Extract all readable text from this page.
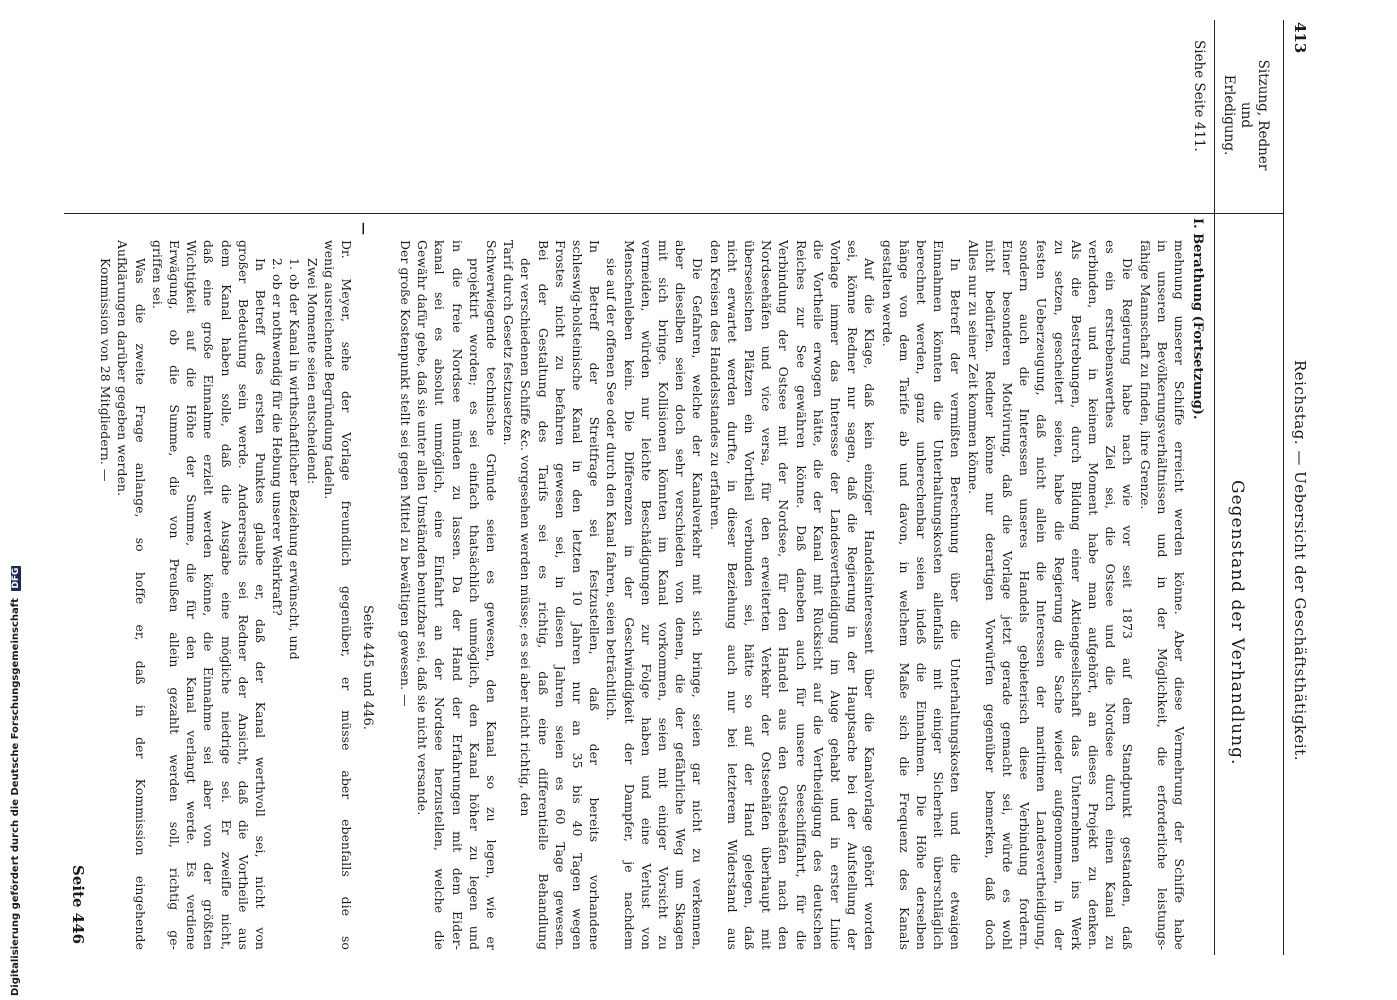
413
Reichstag. — Uebersicht der Geschäftsthätigkeit.
Sitzung, Redner
und
Erledigung.
Gegenstand der Verhandlung.
Siehe Seite 411.
I. Berathung (Fortsetzung).
mehnung unserer Schiffe erreicht werden könne. Aber diese Vermehrung der Schiffe habe
in unseren Bevölkerungsverhältnissen und in der Möglichkeit, die erforderliche leistungs-
fähige Mannschaft zu finden, ihre Grenze.
Die Regierung habe nach wie vor seit 1873 auf dem Standpunkt gestanden, daß
es ein erstrebenswerthes Ziel sei, die Ostsee und die Nordsee durch einen Kanal zu
verbinden, und in keinem Moment habe man aufgehört, an dieses Projekt zu denken.
Als die Bestrebungen, durch Bildung einer Aktiengesellschaft das Unternehmen ins Werk
zu setzen, gescheitert seien, habe die Regierung die Sache wieder aufgenommen, in der
festen Ueberzeugung, daß nicht allein die Interessen der maritimen Landesvertheidigung,
sondern auch die Interessen unseres Handels gebieterisch diese Verbindung fordern.
Einer besonderen Motivirung, daß die Vorlage jetzt gerade gemacht sei, würde es wohl
nicht bedürfen. Redner könne nur derartigen Vorwürfen gegenüber bemerken, daß doch
Alles nur zu seiner Zeit kommen könne.
In Betreff der vermißten Berechnung über die Unterhaltungskosten und die etwaigen
Einnahmen könnten die Unterhaltungskosten allenfalls mit einiger Sicherheit überschläglich
berechnet werden, ganz unberechenbar seien indeß die Einnahmen. Die Höhe derselben
hänge von dem Tarife ab und davon, in welchem Maße sich die Frequenz des Kanals
gestalten werde.
Auf die Klage, daß kein einziger Handelsinteressent über die Kanalvorlage gehört worden
sei, könne Redner nur sagen, daß die Regierung in der Hauptsache bei der Aufstellung der
Vorlage immer das Interesse der Landesvertheidigung im Auge gehabt und in erster Linie
die Vortheile erwogen hätte, die der Kanal mit Rücksicht auf die Vertheidigung des deutschen
Reiches zur See gewähren könne. Daß daneben auch für unsere Seeschifffahrt, für die
Verbindung der Ostsee mit der Nordsee, für den Handel aus den Ostseehäfen nach den
Nordseehäfen und vice versa, für den erweiterten Verkehr der Ostseehäfen überhaupt mit
überseeischen Plätzen ein Vortheil verbunden sei, hätte so auf der Hand gelegen, daß
nicht erwartet werden durfte, in dieser Beziehung auch nur bei letzterem Widerstand aus
den Kreisen des Handelsstandes zu erfahren.
Die Gefahren, welche der Kanalverkehr mit sich bringe, seien gar nicht zu verkennen,
aber dieselben seien doch sehr verschieden von denen, die der gefährliche Weg um Skagen
mit sich bringe. Kollisionen könnten im Kanal vorkommen, seien mit einiger Vorsicht zu
vermeiden, würden nur leichte Beschädigungen zur Folge haben und eine Verlust von
Menschenleben kein. Die Differenzen in der Geschwindigkeit der Dampfer, je nachdem
sie auf der offenen See oder durch den Kanal fahren, seien beträchtlich.
In Betreff der Streitfrage sei festzustellen, daß der bereits vorhandene
schleswig-holsteinische Kanal in den letzten 10 Jahren nur an 35 bis 40 Tagen wegen
Frostes nicht zu befahren gewesen sei, in diesen Jahren seien es 60 Tage gewesen.
Bei der Gestaltung des Tarifs sei es richtig, daß eine differentielle Behandlung
der verschiedenen Schiffe &c. vorgesehen werden müsse; es sei aber nicht richtig, den
Tarif durch Gesetz festzusetzen.
Schwerwiegende technische Gründe seien es gewesen, den Kanal so zu legen, wie er
projektirt worden; es sei einfach thatsächlich unmöglich, den Kanal höher zu legen und
in die freie Nordsee münden zu lassen. Da der Hand der Erfahrungen mit dem Eider-
kanal sei es absolut unmöglich, eine Einfahrt an der Nordsee herzustellen, welche die
Gewähr dafür gebe, daß sie unter allen Umständen benutzbar sei, daß sie nicht versande.
Der große Kostenpunkt stellt sei gegen Mittel zu bewältigen gewesen. —
Seite 445 und 446.
—
Dr. Meyer, sehe der Vorlage freundlich gegenüber, er müsse aber ebenfalls die so
wenig ausreichende Begründung tadeln.
Zwei Momente seien entscheidend:
1. ob der Kanal in wirthschaftlicher Beziehung erwünscht, und
2. ob er nothwendig für die Hebung unserer Wehrkraft?
In Betreff des ersten Punktes glaube er, daß der Kanal werthvoll sei, nicht von
großer Bedeutung sein werde. Andererseits sei Redner der Ansicht, daß die Vortheile aus
dem Kanal haben solle, daß die Ausgabe eine mögliche niedrige sei. Er zweifle nicht,
daß eine große Einnahme erzielt werden könne, die Einnahme sei aber von der größten
Wichtigkeit auf die Höhe der Summe, die für den Kanal verlangt werde. Es verdiene
Erwägung, ob die Summe, die von Preußen allein gezahlt werden soll, richtig ge-
griffen sei.
Was die zweite Frage anlange, so hoffe er, daß in der Kommission eingehende
Aufklärungen darüber gegeben werden.
Kommission von 28 Mitgliedern. —
Seite 446
Digitalisierung gefördert durch die Deutsche Forschungsgemeinschaft DFG
